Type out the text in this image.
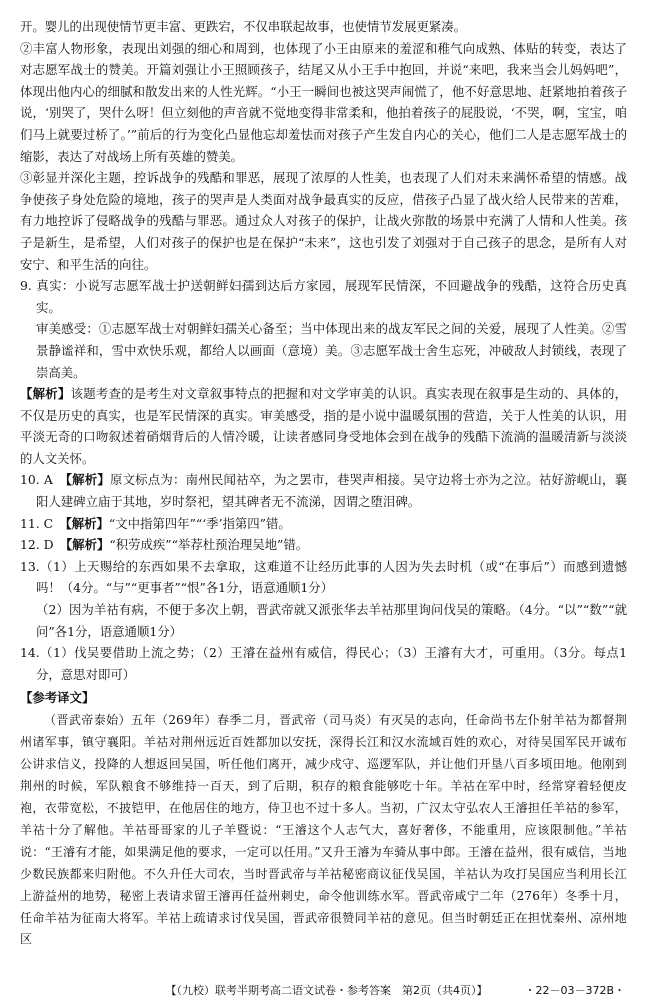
开。婴儿的出现使情节更丰富、更跌宕，不仅串联起故事，也使情节发展更紧凑。

②丰富人物形象，表现出刘强的细心和周到，也体现了小王由原来的羞涩和稚气向成熟、体贴的转变，表达了对志愿军战士的赞美。开篇刘强让小王照顾孩子，结尾又从小王手中抱回，并说“来吧，我来当会儿妈妈吧”，体现出他内心的细腻和散发出来的人性光辉。“小王一瞬间也被这哭声闹慌了，他不好意思地、赶紧地拍着孩子说，‘别哭了，哭什么呀！但立刻他的声音就不觉地变得非常柔和，他拍着孩子的屁股说，‘不哭，啊，宝宝，咱们马上就要过桥了。’”前后的行为变化凸显他忘却羞怯而对孩子产生发自内心的关心，他们二人是志愿军战士的缩影，表达了对战场上所有英雄的赞美。

③彰显并深化主题，控诉战争的残酷和罪恶，展现了浓厚的人性美，也表现了人们对未来满怀希望的情感。战争使孩子身处危险的境地，孩子的哭声是人类面对战争最真实的反应，借孩子凸显了战火给人民带来的苦难，有力地控诉了侵略战争的残酷与罪恶。通过众人对孩子的保护，让战火弥散的场景中充满了人情和人性美。孩子是新生，是希望，人们对孩子的保护也是在保护“未来”，这也引发了刘强对于自己孩子的思念，是所有人对安宁、和平生活的向往。

9. 真实：小说写志愿军战士护送朝鲜妇孺到达后方家园，展现军民情深，不回避战争的残酷，这符合历史真实。

审美感受：①志愿军战士对朝鲜妇孺关心备至；当中体现出来的战友军民之间的关爱，展现了人性美。②雪景静谧祥和，雪中欢快乐观，都给人以画面（意境）美。③志愿军战士舍生忘死，冲破敌人封锁线，表现了崇高美。

【解析】该题考查的是考生对文章叙事特点的把握和对文学审美的认识。真实表现在叙事是生动的、具体的，不仅是历史的真实，也是军民情深的真实。审美感受，指的是小说中温暖氛围的营造，关于人性美的认识，用平淡无奇的口吻叙述着硝烟背后的人情冷暖，让读者感同身受地体会到在战争的残酷下流淌的温暖清新与淡淡的人文关怀。

10. A　 【解析】原文标点为：南州民闻祜卒，为之罢市，巷哭声相接。吴守边将士亦为之泣。祜好游岘山，襄阳人建碑立庙于其地，岁时祭祀，望其碑者无不流涕，因谓之堕泪碑。

11. C　 【解析】“文中指第四年”“‘季’指第四”错。

12. D　 【解析】“积劳成疾”“举荐杜预治理吴地”错。

13.（1）上天赐给的东西如果不去拿取，这难道不让经历此事的人因为失去时机（或“在事后”）而感到遗憾吗！（4分。“与”“更事者”“恨”各1分，语意通顺1分）

（2）因为羊祜有病，不便于多次上朝，晋武帝就又派张华去羊祜那里询问伐吴的策略。（4分。“以”“数”“就问”各1分，语意通顺1分）

14.（1）伐吴要借助上流之势；（2）王濬在益州有威信，得民心；（3）王濬有大才，可重用。（3分。每点1分，意思对即可）

【参考译文】

（晋武帝泰始）五年（269年）春季二月，晋武帝（司马炎）有灭吴的志向，任命尚书左仆射羊祜为都督荆州诸军事，镇守襄阳。羊祜对荆州远近百姓都加以安抚，深得长江和汉水流域百姓的欢心，对待吴国军民开诚布公讲求信义，投降的人想返回吴国，听任他们离开，减少戍守、巡逻军队，并让他们开垦八百多顷田地。他刚到荆州的时候，军队粮食不够维持一百天，到了后期，积存的粮食能够吃十年。羊祜在军中时，经常穿着轻便皮袍，衣带宽松，不披铠甲，在他居住的地方，侍卫也不过十多人。当初，广汉太守弘农人王濬担任羊祜的参军，羊祜十分了解他。羊祜哥哥家的儿子羊暨说：“王濬这个人志气大，喜好奢侈，不能重用，应该限制他。”羊祜说：“王濬有才能，如果满足他的要求，一定可以任用。”又升王濬为车骑从事中郎。王濬在益州，很有威信，当地少数民族都来归附他。不久升任大司农，当时晋武帝与羊祜秘密商议征伐吴国，羊祜认为攻打吴国应当利用长江上游益州的地势，秘密上表请求留王濬再任益州刺史，命令他训练水军。晋武帝咸宁二年（276年）冬季十月，任命羊祜为征南大将军。羊祜上疏请求讨伐吴国，晋武帝很赞同羊祜的意见。但当时朝廷正在担忧秦州、凉州地区

【（九校）联考半期考高二语文试卷・参考答案　第2页（共4页）】	・22－03－372B・
